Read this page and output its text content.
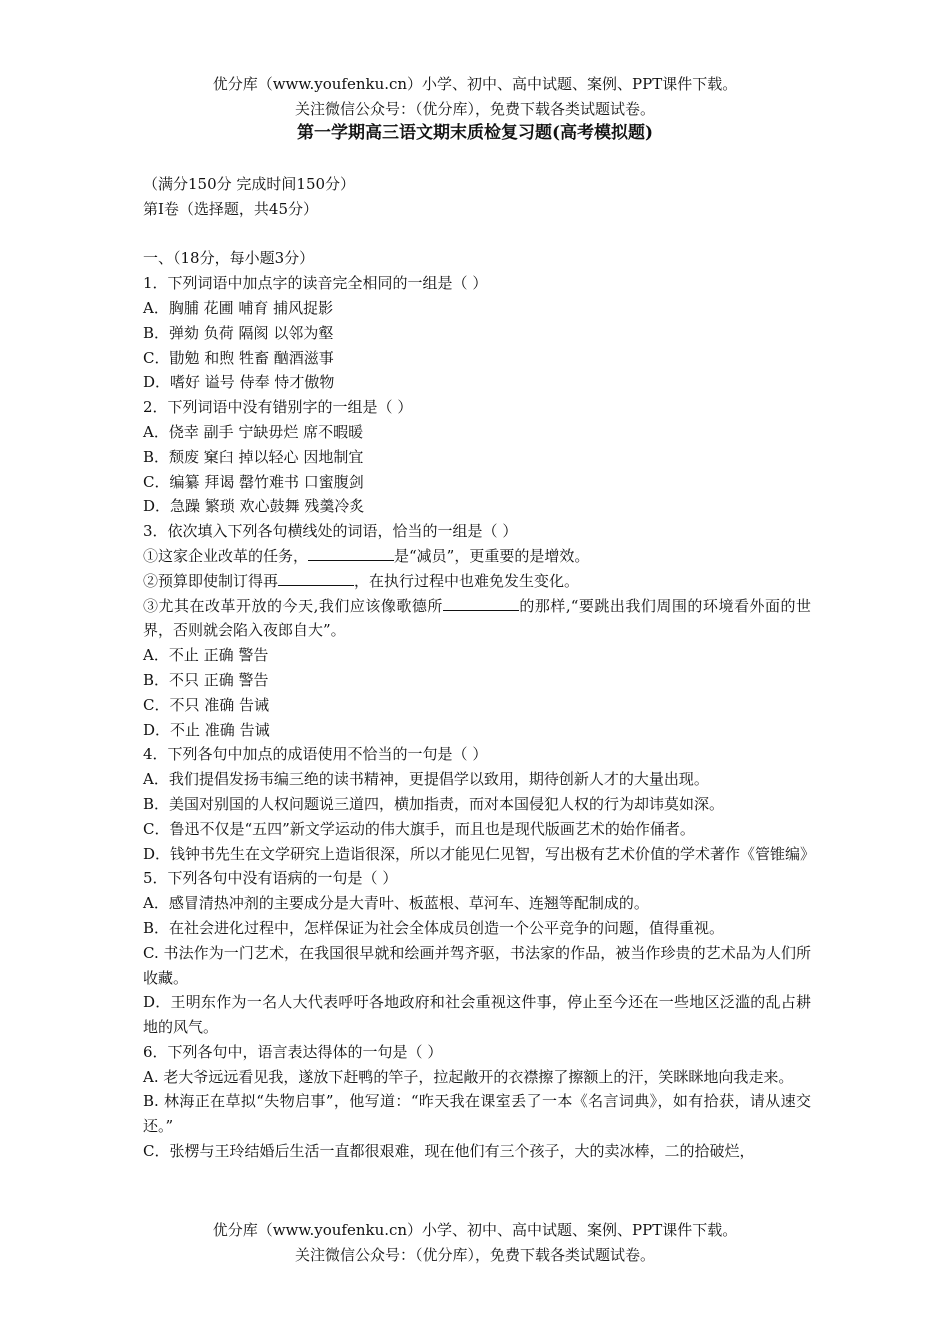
优分库（www.youfenku.cn）小学、初中、高中试题、案例、PPT课件下载。
关注微信公众号：（优分库），免费下载各类试题试卷。
第一学期高三语文期末质检复习题(高考模拟题)

（满分150分 完成时间150分）

第I卷（选择题，共45分）

一、（18分，每小题3分）

1．下列词语中加点字的读音完全相同的一组是（ ）

A．胸脯 花圃 哺育 捕风捉影

B．弹劾 负荷 隔阂 以邻为壑

C．勖勉 和煦 牲畜 酗酒滋事

D．嗜好 谥号 侍奉 恃才傲物

2．下列词语中没有错别字的一组是（ ）

A．侥幸 副手 宁缺毋烂 席不暇暖

B．颓废 窠臼 掉以轻心 因地制宜

C．编纂 拜谒 罄竹难书 口蜜腹剑

D．急躁 繁琐 欢心鼓舞 残羹冷炙

3．依次填入下列各句横线处的词语，恰当的一组是（ ）

①这家企业改革的任务，	是“减员”，更重要的是增效。

②预算即使制订得再	，在执行过程中也难免发生变化。

③尤其在改革开放的今天,我们应该像歌德所	的那样,“要跳出我们周围的环境看外面的世界，否则就会陷入夜郎自大”。

A．不止 正确 警告

B．不只 正确 警告

C．不只 准确 告诫

D．不止 准确 告诫

4．下列各句中加点的成语使用不恰当的一句是（ ）

A．我们提倡发扬韦编三绝的读书精神，更提倡学以致用，期待创新人才的大量出现。

B．美国对别国的人权问题说三道四，横加指责，而对本国侵犯人权的行为却讳莫如深。

C．鲁迅不仅是“五四”新文学运动的伟大旗手，而且也是现代版画艺术的始作俑者。

D．钱钟书先生在文学研究上造诣很深，所以才能见仁见智，写出极有艺术价值的学术著作《管锥编》

5．下列各句中没有语病的一句是（ ）

A．感冒清热冲剂的主要成分是大青叶、板蓝根、草河车、连翘等配制成的。

B．在社会进化过程中，怎样保证为社会全体成员创造一个公平竞争的问题，值得重视。

C. 书法作为一门艺术，在我国很早就和绘画并驾齐驱，书法家的作品，被当作珍贵的艺术品为人们所收藏。

D．王明东作为一名人大代表呼吁各地政府和社会重视这件事，停止至今还在一些地区泛滥的乱占耕地的风气。

6．下列各句中，语言表达得体的一句是（ ）

A. 老大爷远远看见我，遂放下赶鸭的竿子，拉起敞开的衣襟擦了擦额上的汗，笑眯眯地向我走来。

B. 林海正在草拟“失物启事”，他写道：“昨天我在课室丢了一本《名言词典》，如有拾获，请从速交还。”

C．张楞与王玲结婚后生活一直都很艰难，现在他们有三个孩子，大的卖冰棒，二的拾破烂，

优分库（www.youfenku.cn）小学、初中、高中试题、案例、PPT课件下载。
关注微信公众号：（优分库），免费下载各类试题试卷。
